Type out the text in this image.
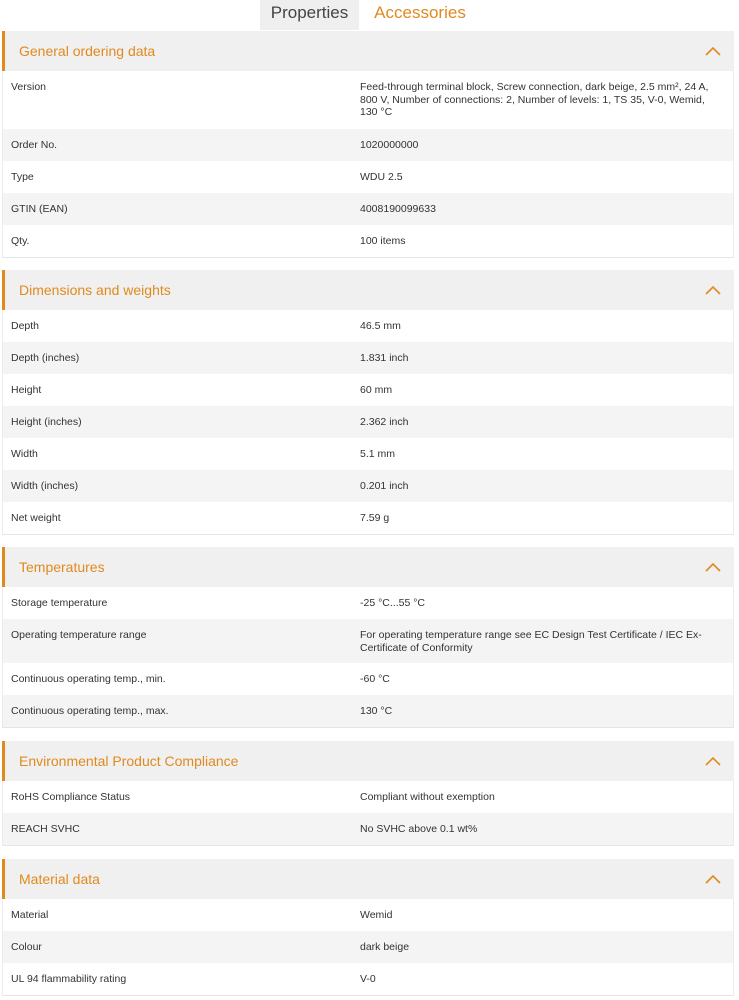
Properties	Accessories
General ordering data
Version	Feed-through terminal block, Screw connection, dark beige, 2.5 mm², 24 A, 800 V, Number of connections: 2, Number of levels: 1, TS 35, V-0, Wemid, 130 °C
Order No.	1020000000
Type	WDU 2.5
GTIN (EAN)	4008190099633
Qty.	100 items
Dimensions and weights
Depth	46.5 mm
Depth (inches)	1.831 inch
Height	60 mm
Height (inches)	2.362 inch
Width	5.1 mm
Width (inches)	0.201 inch
Net weight	7.59 g
Temperatures
Storage temperature	-25 °C...55 °C
Operating temperature range	For operating temperature range see EC Design Test Certificate / IEC Ex-Certificate of Conformity
Continuous operating temp., min.	-60 °C
Continuous operating temp., max.	130 °C
Environmental Product Compliance
RoHS Compliance Status	Compliant without exemption
REACH SVHC	No SVHC above 0.1 wt%
Material data
Material	Wemid
Colour	dark beige
UL 94 flammability rating	V-0
